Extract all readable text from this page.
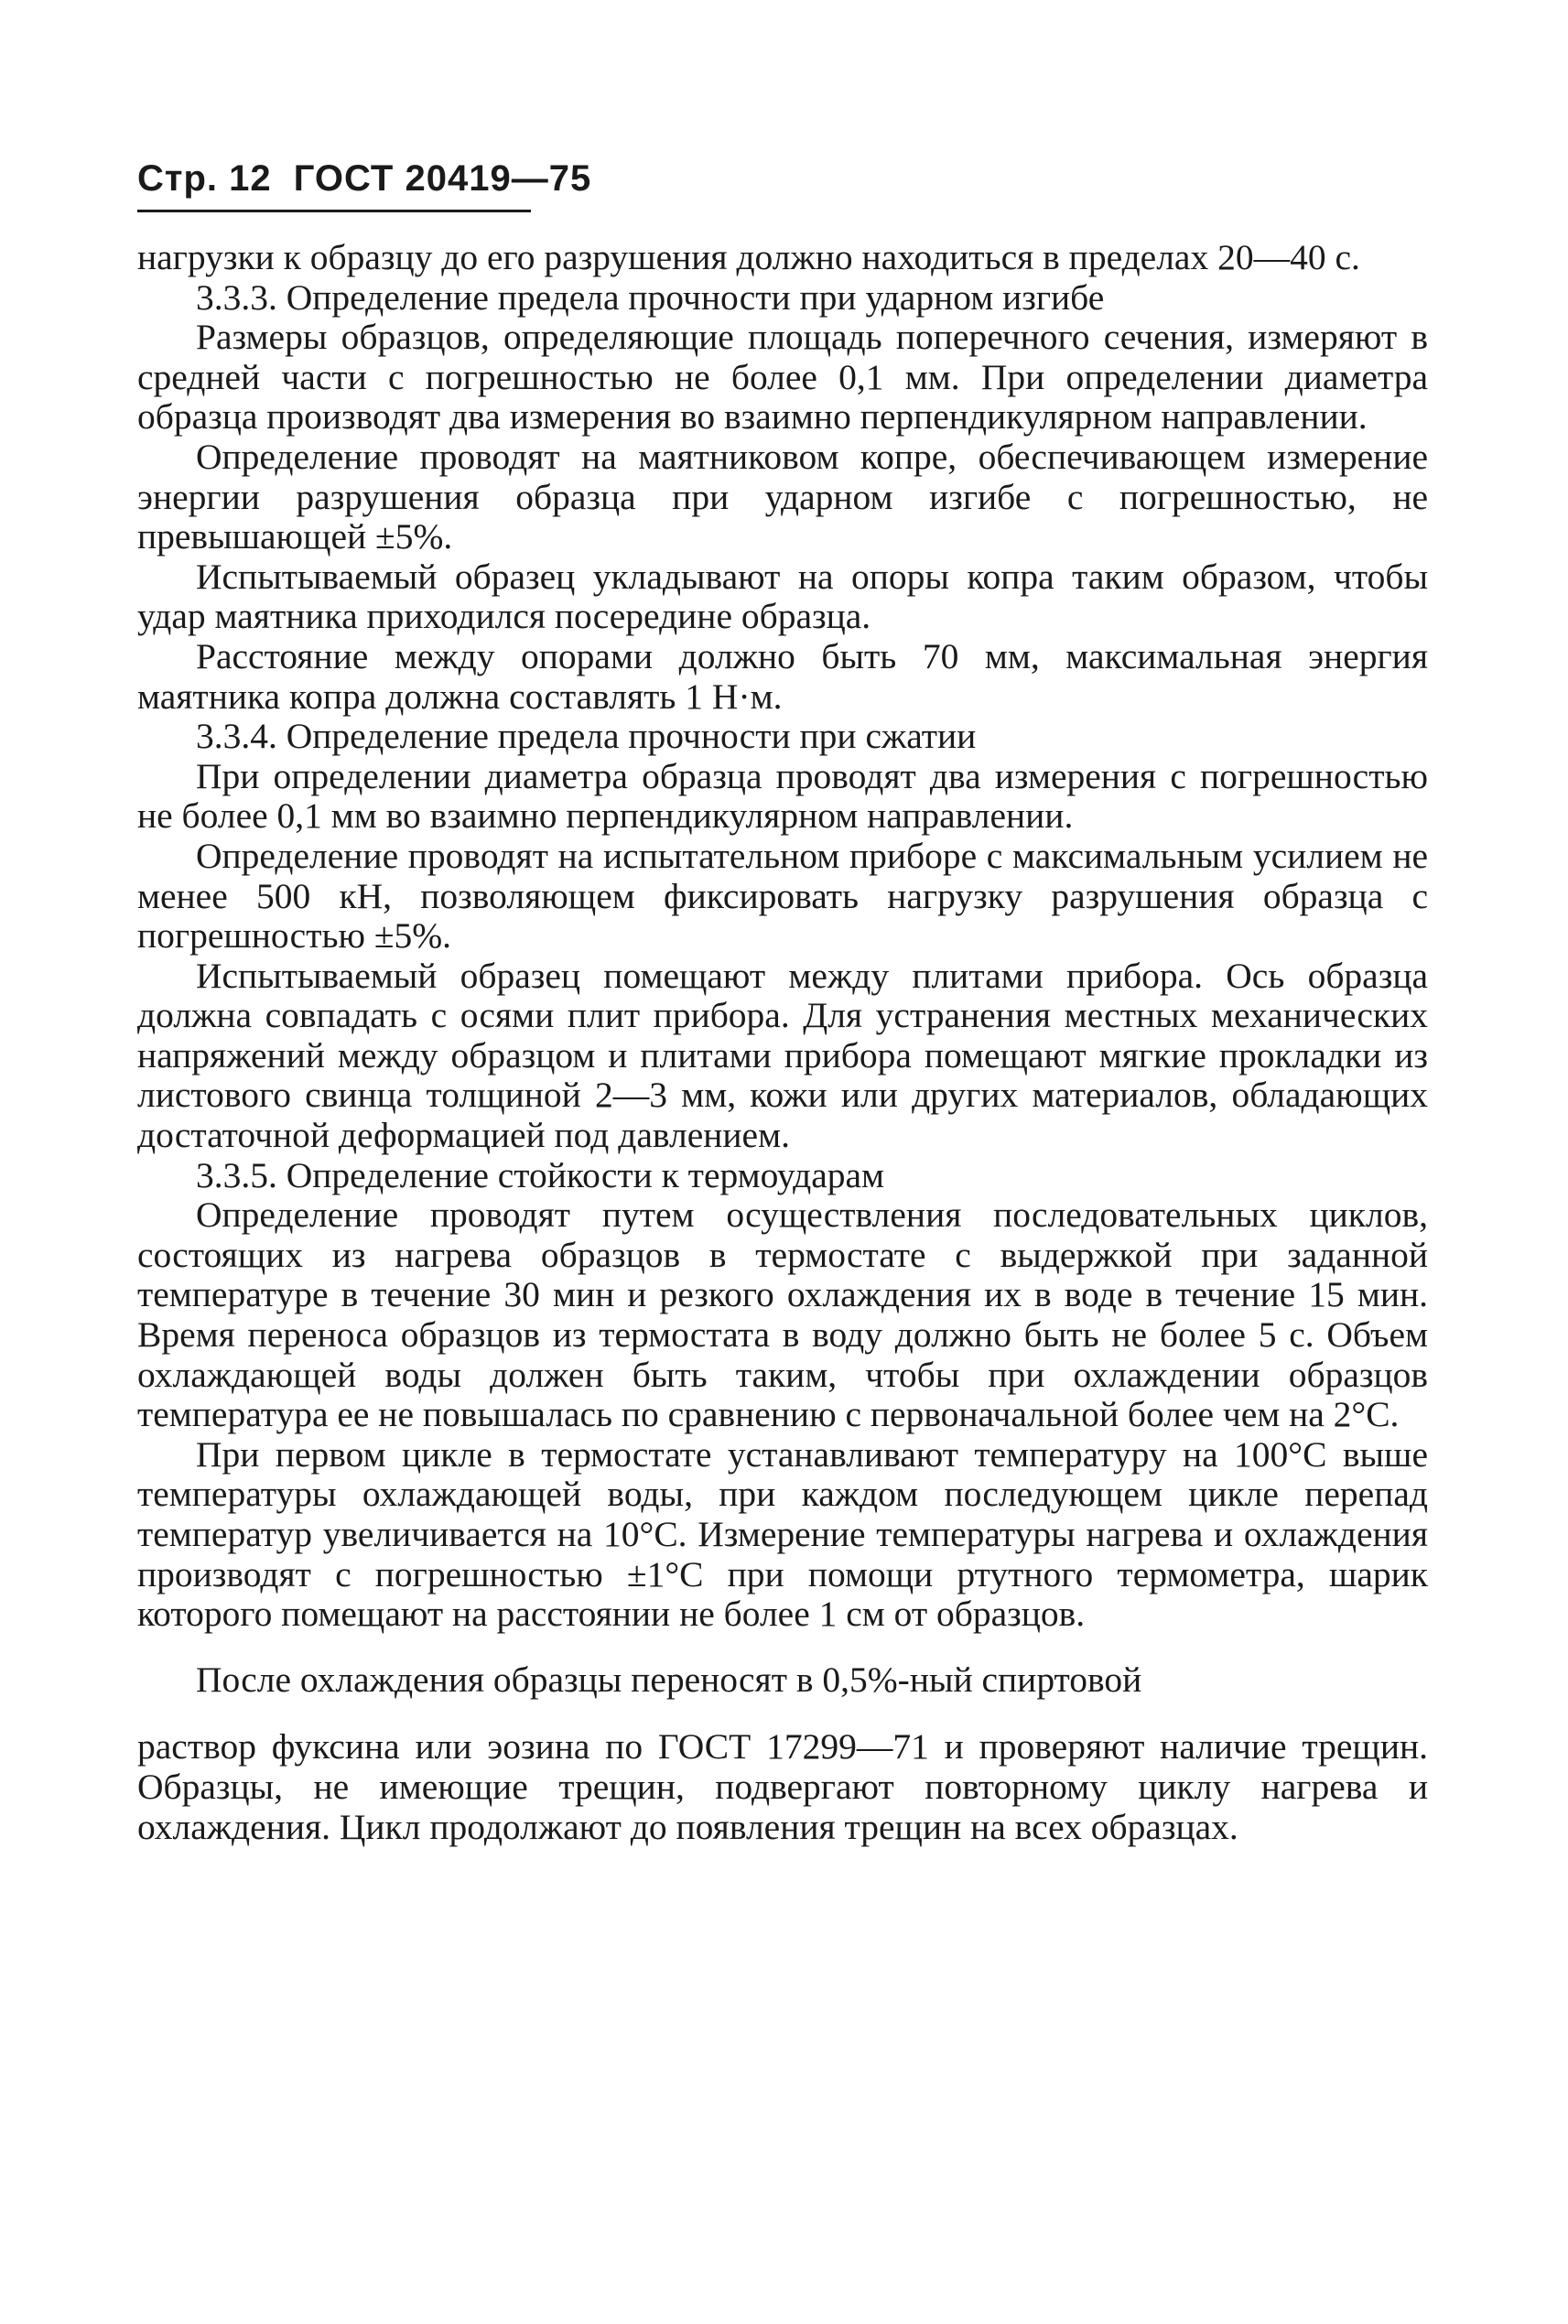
Стр. 12 ГОСТ 20419—75

нагрузки к образцу до его разрушения должно находиться в пределах 20—40 с.

3.3.3. Определение предела прочности при ударном изгибе

Размеры образцов, определяющие площадь поперечного сечения, измеряют в средней части с погрешностью не более 0,1 мм. При определении диаметра образца производят два измерения во взаимно перпендикулярном направлении.

Определение проводят на маятниковом копре, обеспечивающем измерение энергии разрушения образца при ударном изгибе с погрешностью, не превышающей ±5%.

Испытываемый образец укладывают на опоры копра таким образом, чтобы удар маятника приходился посередине образца.

Расстояние между опорами должно быть 70 мм, максимальная энергия маятника копра должна составлять 1 Н·м.

3.3.4. Определение предела прочности при сжатии

При определении диаметра образца проводят два измерения с погрешностью не более 0,1 мм во взаимно перпендикулярном направлении.

Определение проводят на испытательном приборе с максимальным усилием не менее 500 кН, позволяющем фиксировать нагрузку разрушения образца с погрешностью ±5%.

Испытываемый образец помещают между плитами прибора. Ось образца должна совпадать с осями плит прибора. Для устранения местных механических напряжений между образцом и плитами прибора помещают мягкие прокладки из листового свинца толщиной 2—3 мм, кожи или других материалов, обладающих достаточной деформацией под давлением.

3.3.5. Определение стойкости к термоударам

Определение проводят путем осуществления последовательных циклов, состоящих из нагрева образцов в термостате с выдержкой при заданной температуре в течение 30 мин и резкого охлаждения их в воде в течение 15 мин. Время переноса образцов из термостата в воду должно быть не более 5 с. Объем охлаждающей воды должен быть таким, чтобы при охлаждении образцов температура ее не повышалась по сравнению с первоначальной более чем на 2°С.

При первом цикле в термостате устанавливают температуру на 100°С выше температуры охлаждающей воды, при каждом последующем цикле перепад температур увеличивается на 10°С. Измерение температуры нагрева и охлаждения производят с погрешностью ±1°С при помощи ртутного термометра, шарик которого помещают на расстоянии не более 1 см от образцов.

После охлаждения образцы переносят в 0,5%-ный спиртовой

раствор фуксина или эозина по ГОСТ 17299—71 и проверяют наличие трещин. Образцы, не имеющие трещин, подвергают повторному циклу нагрева и охлаждения. Цикл продолжают до появления трещин на всех образцах.
